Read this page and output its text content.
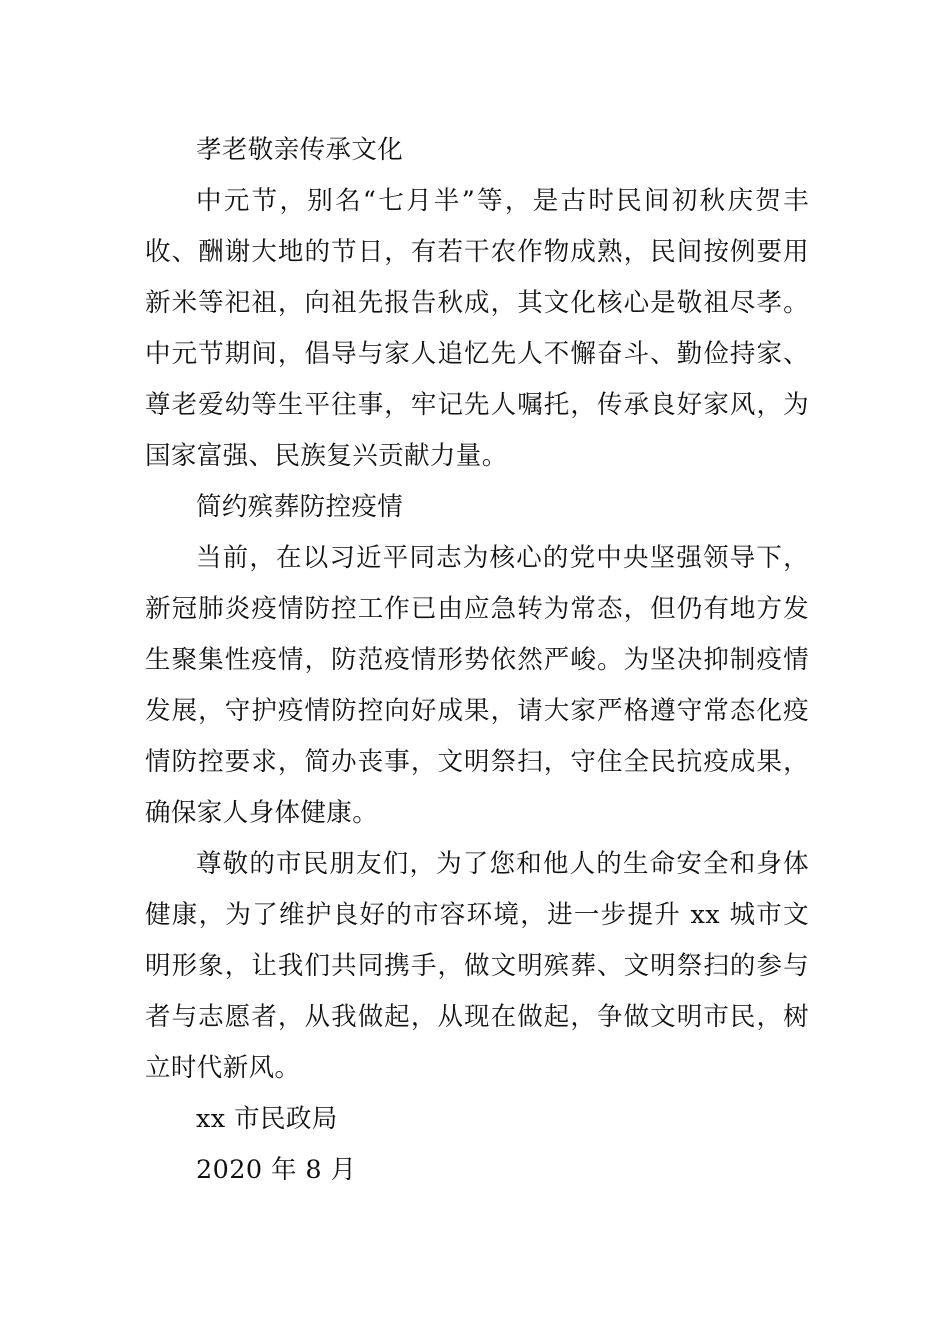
孝老敬亲传承文化

中元节，别名“七月半”等，是古时民间初秋庆贺丰收、酬谢大地的节日，有若干农作物成熟，民间按例要用新米等祀祖，向祖先报告秋成，其文化核心是敬祖尽孝。中元节期间，倡导与家人追忆先人不懈奋斗、勤俭持家、尊老爱幼等生平往事，牢记先人嘱托，传承良好家风，为国家富强、民族复兴贡献力量。

简约殡葬防控疫情

当前，在以习近平同志为核心的党中央坚强领导下，新冠肺炎疫情防控工作已由应急转为常态，但仍有地方发生聚集性疫情，防范疫情形势依然严峻。为坚决抑制疫情发展，守护疫情防控向好成果，请大家严格遵守常态化疫情防控要求，简办丧事，文明祭扫，守住全民抗疫成果，确保家人身体健康。

尊敬的市民朋友们，为了您和他人的生命安全和身体健康，为了维护良好的市容环境，进一步提升 xx 城市文明形象，让我们共同携手，做文明殡葬、文明祭扫的参与者与志愿者，从我做起，从现在做起，争做文明市民，树立时代新风。

xx 市民政局

2020 年 8 月
